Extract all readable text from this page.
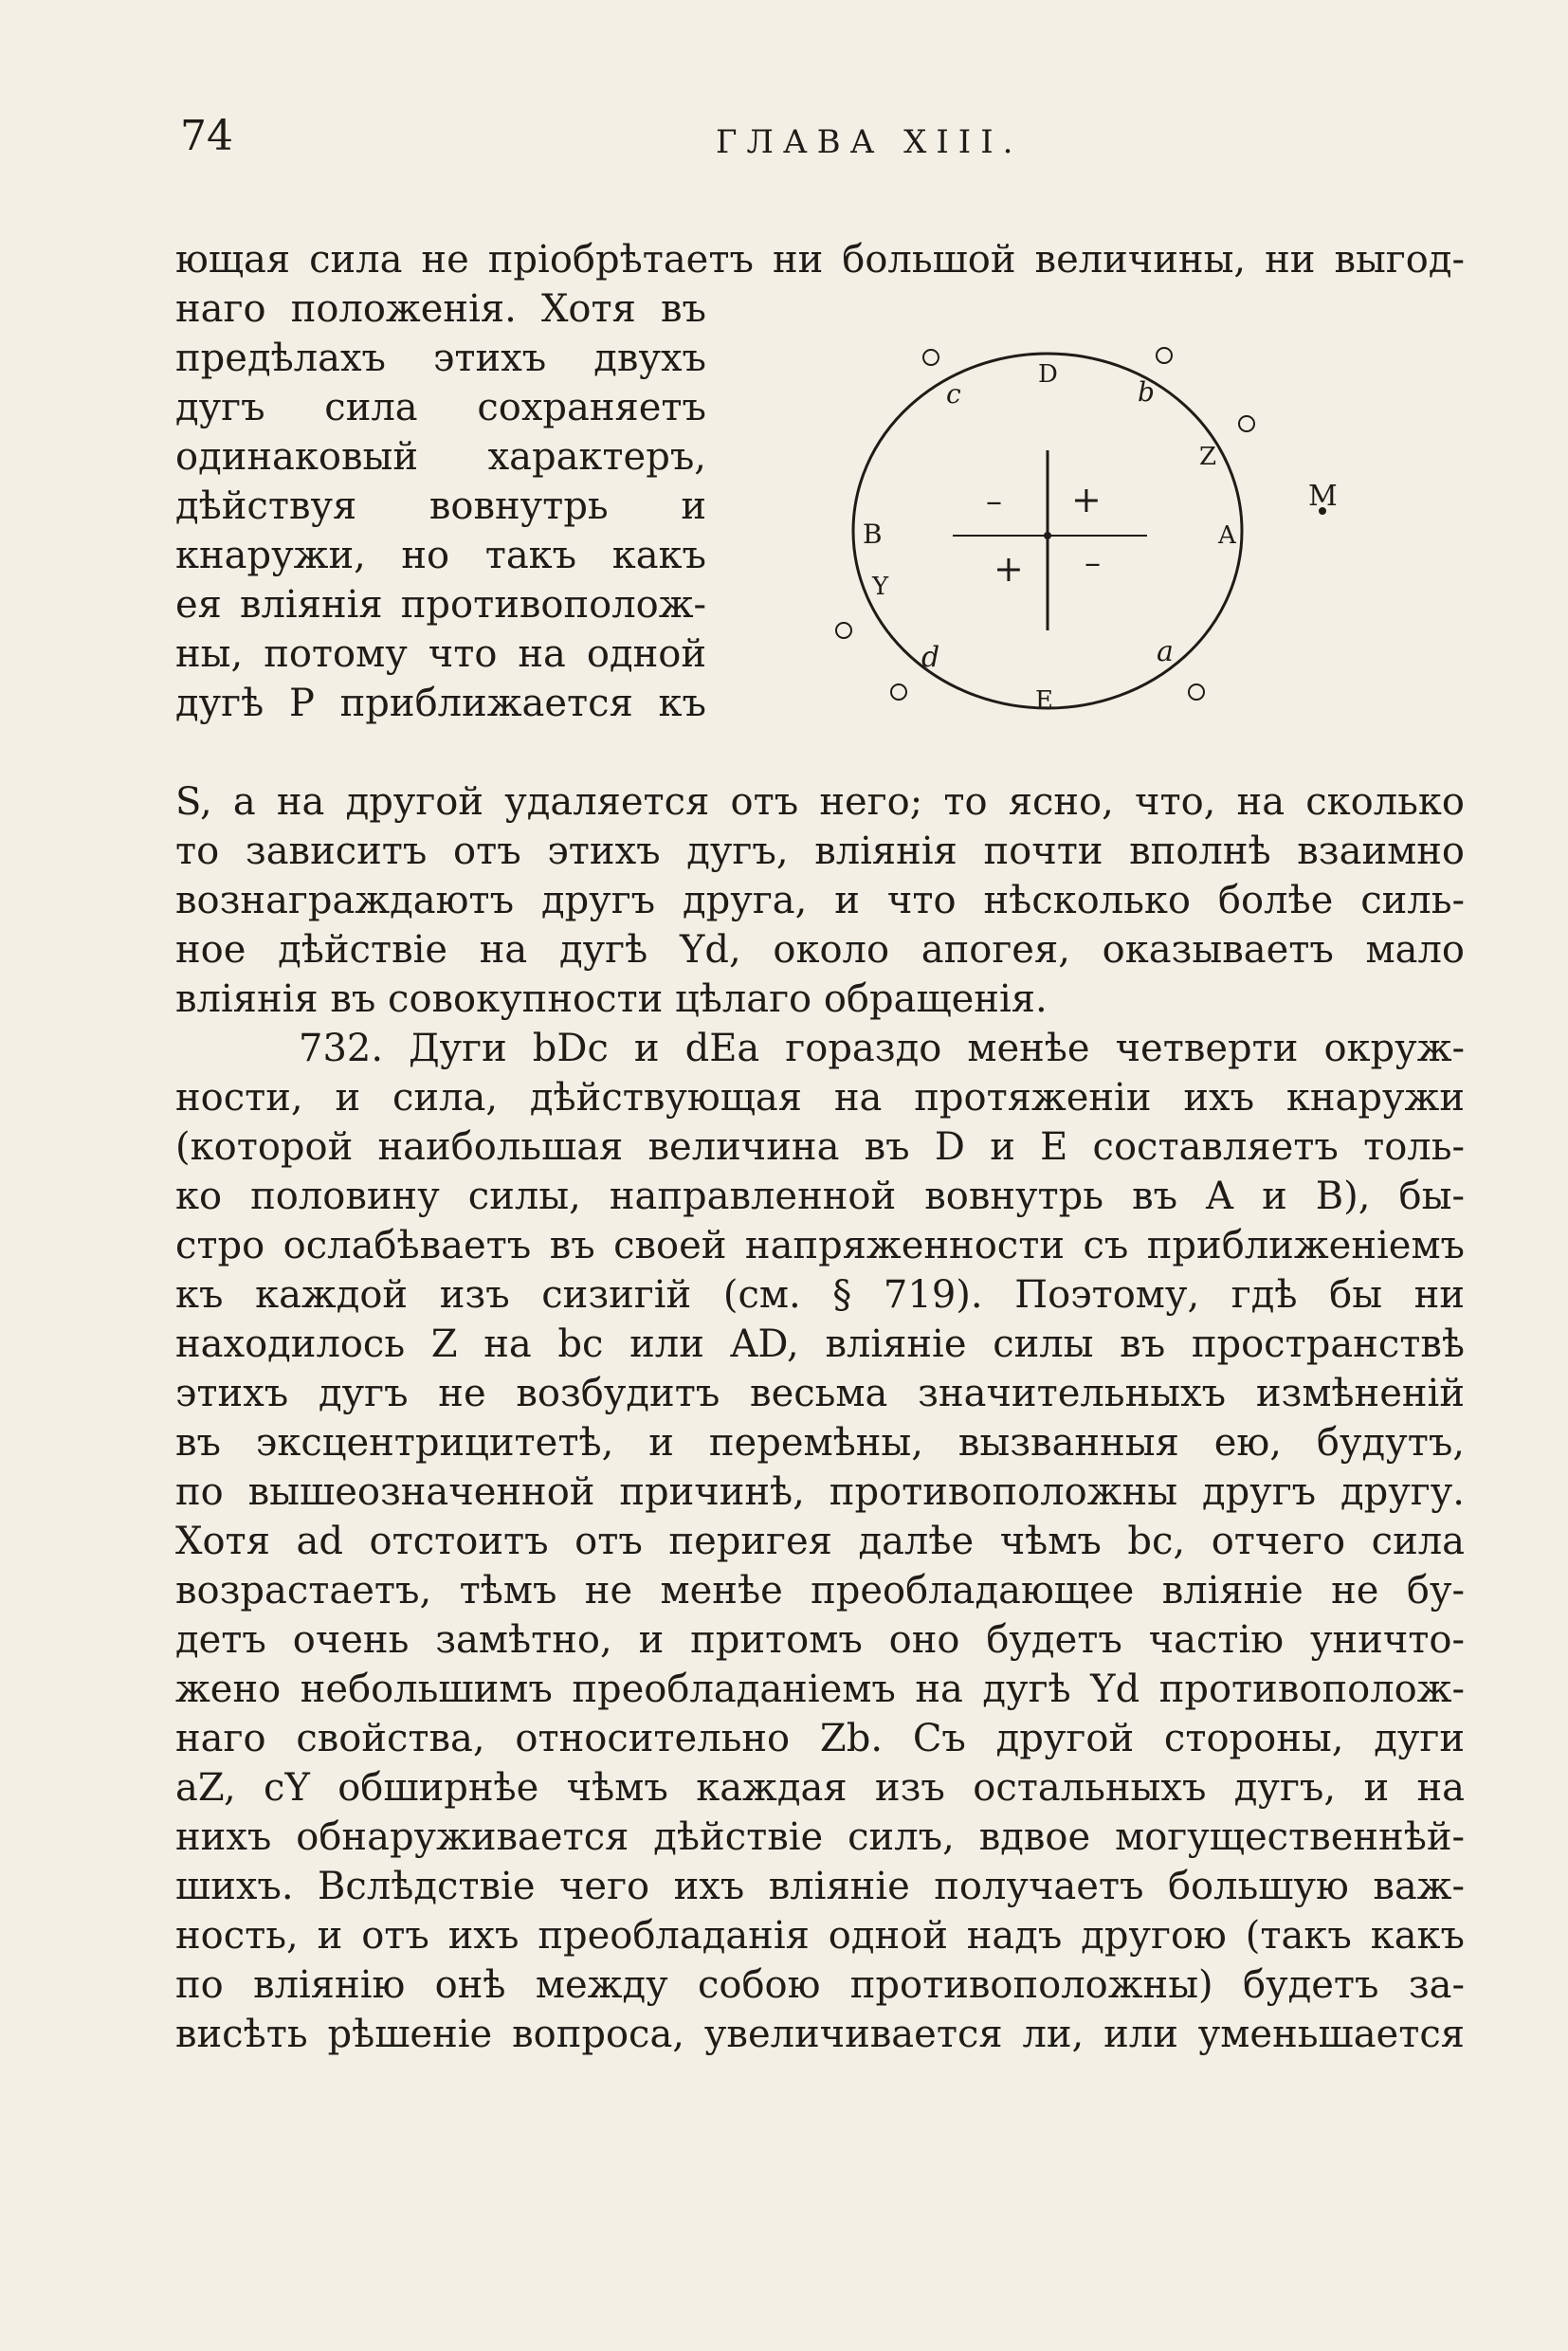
74	ГЛАВА XIII.
ющая сила не пріобрѣтаетъ ни большой величины, ни выгод-
наго положенія. Хотя въ
предѣлахъ этихъ двухъ
дугъ сила сохраняетъ
одинаковый характеръ,
дѣйствуя вовнутрь и
кнаружи, но такъ какъ
ея вліянія противополож-
ны, потому что на одной
дугѣ P приближается къ
D
E
A
B
b
c
Z
Y
a
d
M
– +
+ –
S, а на другой удаляется отъ него; то ясно, что, на сколько
то зависитъ отъ этихъ дугъ, вліянія почти вполнѣ взаимно
вознаграждаютъ другъ друга, и что нѣсколько болѣе силь-
ное дѣйствіе на дугѣ Yd, около апогея, оказываетъ мало
вліянія въ совокупности цѣлаго обращенія.
732. Дуги bDc и dEa гораздо менѣе четверти окруж-
ности, и сила, дѣйствующая на протяженіи ихъ кнаружи
(которой наибольшая величина въ D и E составляетъ толь-
ко половину силы, направленной вовнутрь въ A и B), бы-
стро ослабѣваетъ въ своей напряженности съ приближеніемъ
къ каждой изъ сизигій (см. § 719). Поэтому, гдѣ бы ни
находилось Z на bc или AD, вліяніе силы въ пространствѣ
этихъ дугъ не возбудитъ весьма значительныхъ измѣненій
въ эксцентрицитетѣ, и перемѣны, вызванныя ею, будутъ,
по вышеозначенной причинѣ, противоположны другъ другу.
Хотя ad отстоитъ отъ перигея далѣе чѣмъ bc, отчего сила
возрастаетъ, тѣмъ не менѣе преобладающее вліяніе не бу-
детъ очень замѣтно, и притомъ оно будетъ частію уничто-
жено небольшимъ преобладаніемъ на дугѣ Yd противополож-
наго свойства, относительно Zb. Съ другой стороны, дуги
aZ, cY обширнѣе чѣмъ каждая изъ остальныхъ дугъ, и на
нихъ обнаруживается дѣйствіе силъ, вдвое могущественнѣй-
шихъ. Вслѣдствіе чего ихъ вліяніе получаетъ большую важ-
ность, и отъ ихъ преобладанія одной надъ другою (такъ какъ
по вліянію онѣ между собою противоположны) будетъ за-
висѣть рѣшеніе вопроса, увеличивается ли, или уменьшается
